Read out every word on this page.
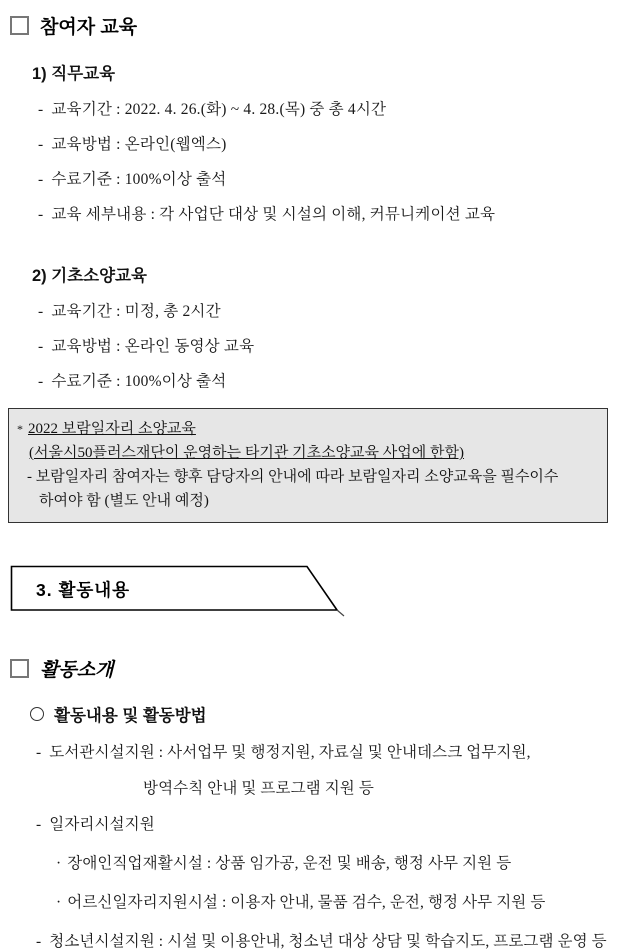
참여자 교육
1) 직무교육
- 교육기간 : 2022. 4. 26.(화) ~ 4. 28.(목) 중 총 4시간
- 교육방법 : 온라인(웹엑스)
- 수료기준 : 100%이상 출석
- 교육 세부내용 : 각 사업단 대상 및 시설의 이해, 커뮤니케이션 교육
2) 기초소양교육
- 교육기간 : 미정, 총 2시간
- 교육방법 : 온라인 동영상 교육
- 수료기준 : 100%이상 출석
* 2022 보람일자리 소양교육
(서울시50플러스재단이 운영하는 타기관 기초소양교육 사업에 한함)
- 보람일자리 참여자는 향후 담당자의 안내에 따라 보람일자리 소양교육을 필수이수
하여야 함 (별도 안내 예정)
3. 활동내용
활동소개
활동내용 및 활동방법
- 도서관시설지원 : 사서업무 및 행정지원, 자료실 및 안내데스크 업무지원,
방역수칙 안내 및 프로그램 지원 등
- 일자리시설지원
· 장애인직업재활시설 : 상품 임가공, 운전 및 배송, 행정 사무 지원 등
· 어르신일자리지원시설 : 이용자 안내, 물품 검수, 운전, 행정 사무 지원 등
- 청소년시설지원 : 시설 및 이용안내, 청소년 대상 상담 및 학습지도, 프로그램 운영 등
